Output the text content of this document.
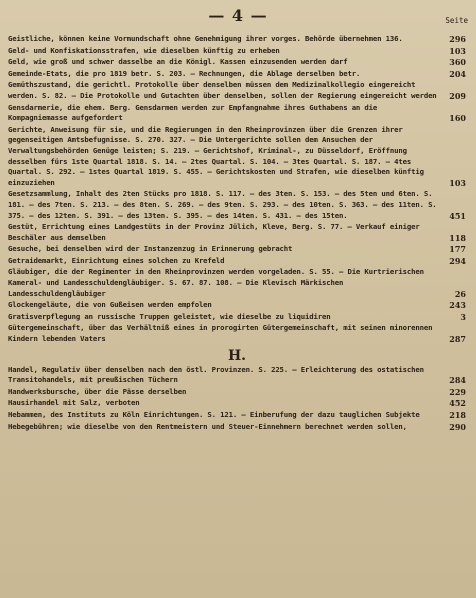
— 4 —	Seite
Geistliche, können keine Vormundschaft ohne Genehmigung ihrer vorges. Behörde übernehmen 136.	296
Geld- und Konfiskationsstrafen, wie dieselben künftig zu erheben	103
Geld, wie groß und schwer dasselbe an die Königl. Kassen einzusenden werden darf	360
Gemeinde-Etats, die pro 1819 betr. S. 203. — Rechnungen, die Ablage derselben betr.	204
Gemüthszustand, die gerichtl. Protokolle über denselben müssen dem Medizinalkollegio eingereicht werden. S. 82. — Die Protokolle und Gutachten über denselben, sollen der Regierung eingereicht werden	209
Gensdarmerie, die ehem. Berg. Gensdarmen werden zur Empfangnahme ihres Guthabens an die Kompagniemasse aufgefordert	160
Gerichte, Anweisung für sie, und die Regierungen in den Rheinprovinzen über die Grenzen ihrer gegenseitigen Amtsbefugnisse. S. 270. 327. — Die Untergerichte sollen dem Ansuchen der Verwaltungsbehörden Genüge leisten; S. 219. — Gerichtshof, Kriminal-, zu Düsseldorf, Eröffnung desselben fürs 1ste Quartal 1818. S. 14. — 2tes Quartal. S. 104. — 3tes Quartal. S. 187. — 4tes Quartal. S. 292. — 1stes Quartal 1819. S. 455. — Gerichtskosten und Strafen, wie dieselben künftig einzuziehen	103
Gesetzsammlung, Inhalt des 2ten Stücks pro 1818. S. 117. — des 3ten. S. 153. — des 5ten und 6ten. S. 181. — des 7ten. S. 213. — des 8ten. S. 269. — des 9ten. S. 293. — des 10ten. S. 363. — des 11ten. S. 375. — des 12ten. S. 391. — des 13ten. S. 395. — des 14ten. S. 431. — des 15ten.	451
Gestüt, Errichtung eines Landgestüts in der Provinz Jülich, Kleve, Berg. S. 77. — Verkauf einiger Beschäler aus demselben	118
Gesuche, bei denselben wird der Instanzenzug in Erinnerung gebracht	177
Getraidemarkt, Einrichtung eines solchen zu Krefeld	294
Gläubiger, die der Regimenter in den Rheinprovinzen werden vorgeladen. S. 55. — Die Kurtrierischen Kameral- und Landesschuldengläubiger. S. 67. 87. 108. — Die Klevisch Märkischen Landesschuldengläubiger	26
Glockengeläute, die von Gußeisen werden empfolen	243
Gratisverpflegung an russische Truppen geleistet, wie dieselbe zu liquidiren	3
Gütergemeinschaft, über das Verhältniß eines in prorogirten Gütergemeinschaft, mit seinen minorennen Kindern lebenden Vaters	287
H.
Handel, Regulativ über denselben nach den östl. Provinzen. S. 225. — Erleichterung des ostatischen Transitohandels, mit preußischen Tüchern	284
Handwerksbursche, über die Pässe derselben	229
Hausirhandel mit Salz, verboten	452
Hebammen, des Instituts zu Köln Einrichtungen. S. 121. — Einberufung der dazu tauglichen Subjekte	218
Hebegebühren; wie dieselbe von den Rentmeistern und Steuer-Einnehmern berechnet werden sollen,	290
